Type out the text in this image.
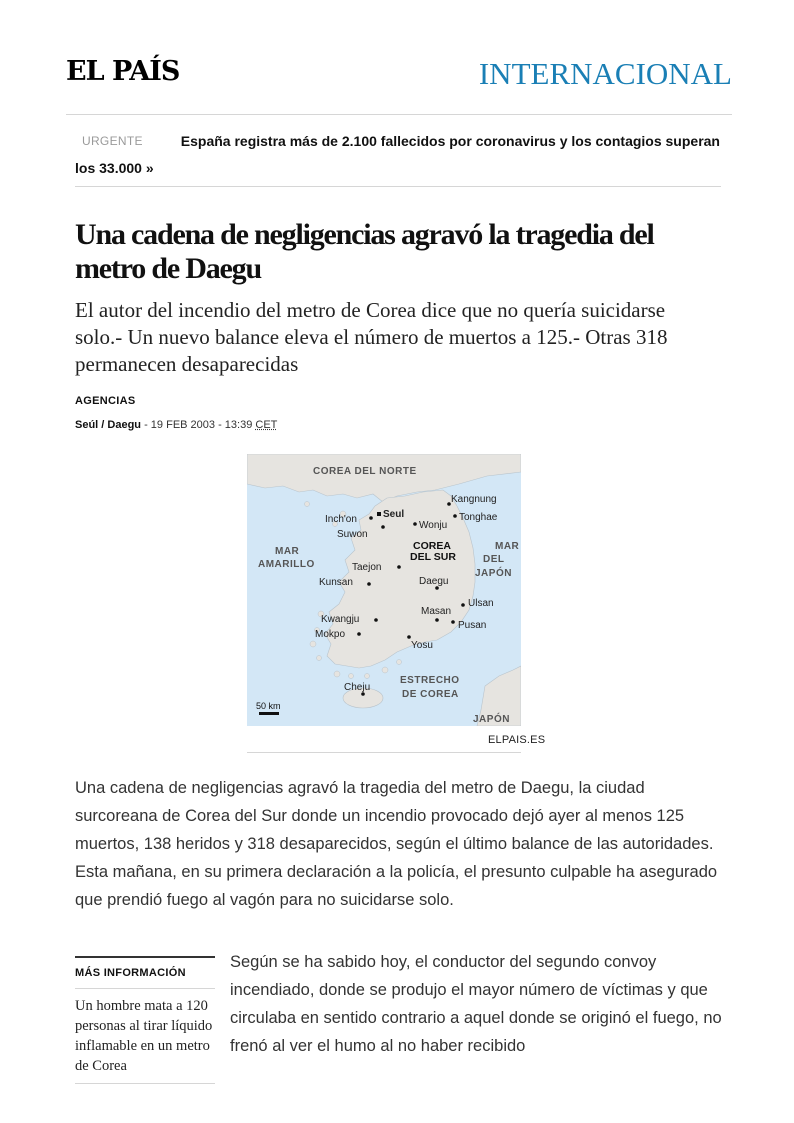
EL PAÍS	INTERNACIONAL
URGENTE	España registra más de 2.100 fallecidos por coronavirus y los contagios superan los 33.000 »
Una cadena de negligencias agravó la tragedia del metro de Daegu

El autor del incendio del metro de Corea dice que no quería suicidarse solo.- Un nuevo balance eleva el número de muertos a 125.- Otras 318 permanecen desaparecidas

AGENCIAS
Seúl / Daegu - 19 FEB 2003 - 13:39 CET
COREA DEL NORTE
MAR
AMARILLO
MAR
DEL
JAPÓN
ESTRECHO
DE COREA
JAPÓN
COREA
DEL SUR
Seul
Inch'on
Suwon
Wonju
Kangnung
Tonghae
Taejon
Kunsan	Daegu
Ulsan
Masan
Pusan
Kwangju
Mokpo
Yosu
Cheju
50 km
ELPAIS.ES

Una cadena de negligencias agravó la tragedia del metro de Daegu, la ciudad surcoreana de Corea del Sur donde un incendio provocado dejó ayer al menos 125 muertos, 138 heridos y 318 desaparecidos, según el último balance de las autoridades. Esta mañana, en su primera declaración a la policía, el presunto culpable ha asegurado que prendió fuego al vagón para no suicidarse solo.

MÁS INFORMACIÓN
Un hombre mata a 120 personas al tirar líquido inflamable en un metro de Corea

Según se ha sabido hoy, el conductor del segundo convoy incendiado, donde se produjo el mayor número de víctimas y que circulaba en sentido contrario a aquel donde se originó el fuego, no frenó al ver el humo al no haber recibido
